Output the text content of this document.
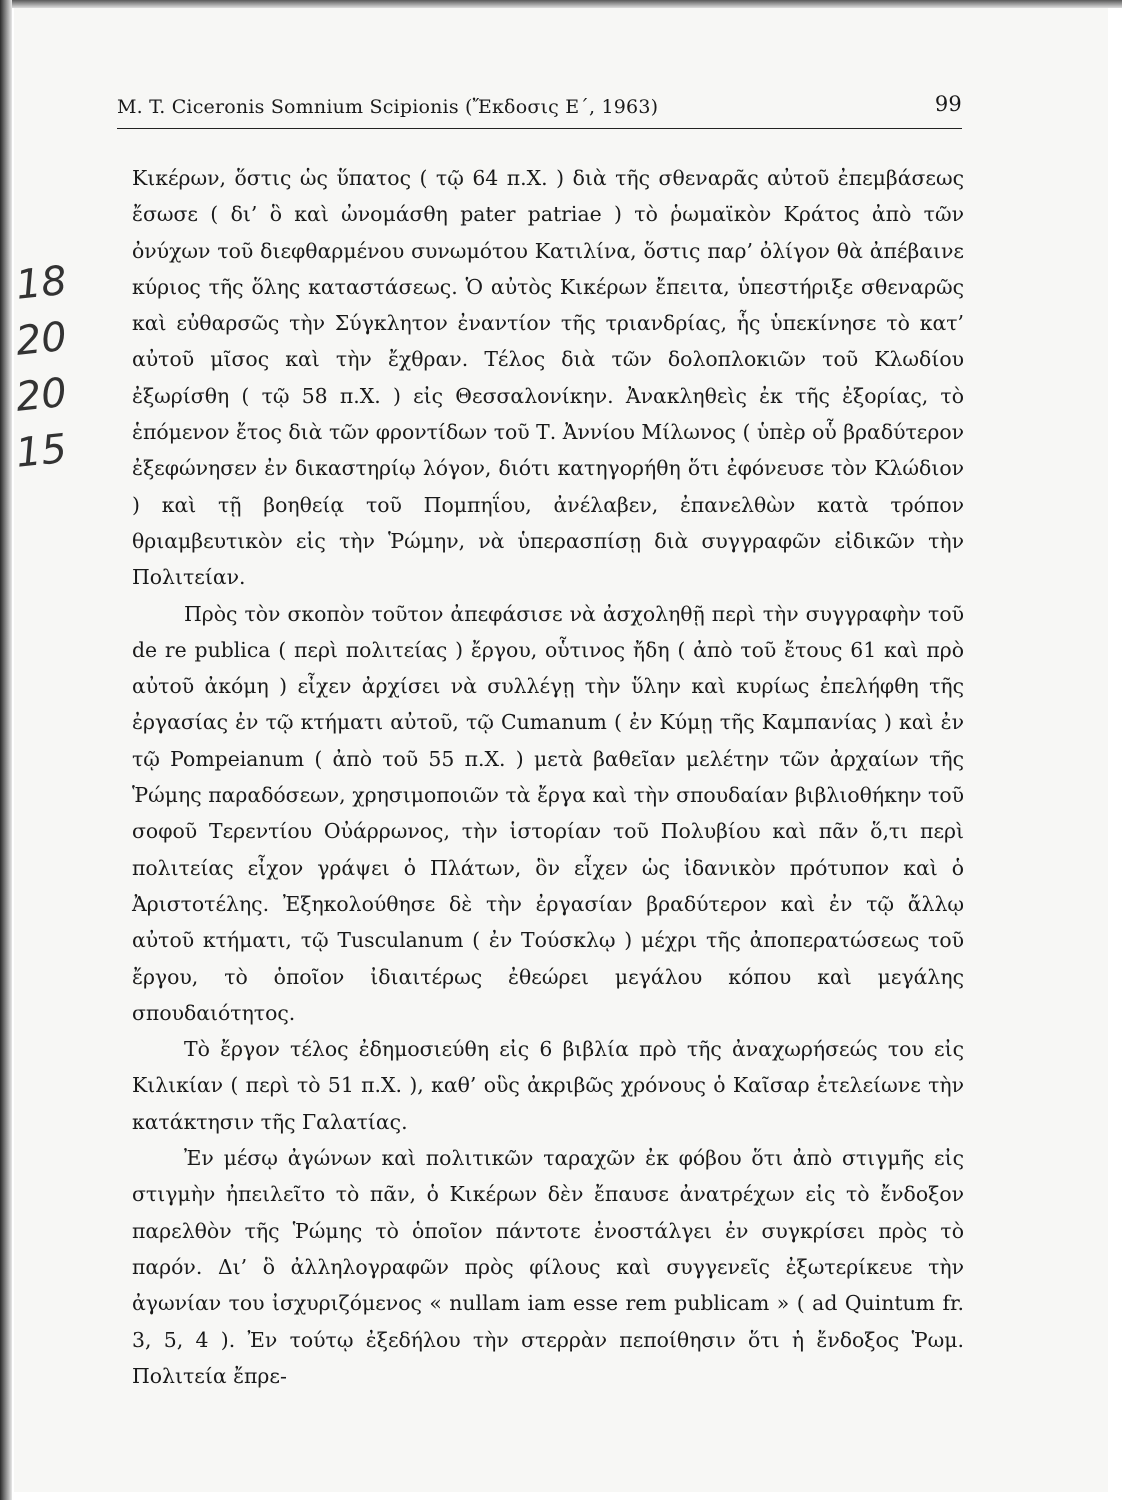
M. T. Ciceronis Somnium Scipionis (Ἔκδοσις Ε΄, 1963)	99
18
20
20
15

Κικέρων, ὅστις ὡς ὕπατος ( τῷ 64 π.Χ. ) διὰ τῆς σθεναρᾶς αὐτοῦ ἐπεμβάσεως ἔσωσε ( δι’ ὃ καὶ ὠνομάσθη pater patriae ) τὸ ῥωμαϊκὸν Κράτος ἀπὸ τῶν ὀνύχων τοῦ διεφθαρμένου συνωμότου Κατιλίνα, ὅστις παρ’ ὀλίγον θὰ ἀπέβαινε κύριος τῆς ὅλης καταστάσεως. Ὁ αὐτὸς Κικέρων ἔπειτα, ὑπεστήριξε σθεναρῶς καὶ εὐθαρσῶς τὴν Σύγκλητον ἐναντίον τῆς τριανδρίας, ἧς ὑπεκίνησε τὸ κατ’ αὐτοῦ μῖσος καὶ τὴν ἔχθραν. Τέλος διὰ τῶν δολοπλοκιῶν τοῦ Κλωδίου ἐξωρίσθη ( τῷ 58 π.Χ. ) εἰς Θεσσαλονίκην. Ἀνακληθεὶς ἐκ τῆς ἐξορίας, τὸ ἑπόμενον ἔτος διὰ τῶν φροντίδων τοῦ Τ. Ἀννίου Μίλωνος ( ὑπὲρ οὗ βραδύτερον ἐξεφώνησεν ἐν δικαστηρίῳ λόγον, διότι κατηγορήθη ὅτι ἐφόνευσε τὸν Κλώδιον ) καὶ τῇ βοηθείᾳ τοῦ Πομπηΐου, ἀνέλαβεν, ἐπανελθὼν κατὰ τρόπον θριαμβευτικὸν εἰς τὴν Ῥώμην, νὰ ὑπερασπίσῃ διὰ συγγραφῶν εἰδικῶν τὴν Πολιτείαν.

Πρὸς τὸν σκοπὸν τοῦτον ἀπεφάσισε νὰ ἀσχοληθῇ περὶ τὴν συγγραφὴν τοῦ de re publica ( περὶ πολιτείας ) ἔργου, οὗτινος ἤδη ( ἀπὸ τοῦ ἔτους 61 καὶ πρὸ αὐτοῦ ἀκόμη ) εἶχεν ἀρχίσει νὰ συλλέγῃ τὴν ὕλην καὶ κυρίως ἐπελήφθη τῆς ἐργασίας ἐν τῷ κτήματι αὐτοῦ, τῷ Cumanum ( ἐν Κύμῃ τῆς Καμπανίας ) καὶ ἐν τῷ Pompeianum ( ἀπὸ τοῦ 55 π.Χ. ) μετὰ βαθεῖαν μελέτην τῶν ἀρχαίων τῆς Ῥώμης παραδόσεων, χρησιμοποιῶν τὰ ἔργα καὶ τὴν σπουδαίαν βιβλιοθήκην τοῦ σοφοῦ Τερεντίου Οὐάρρωνος, τὴν ἱστορίαν τοῦ Πολυβίου καὶ πᾶν ὅ,τι περὶ πολιτείας εἶχον γράψει ὁ Πλάτων, ὃν εἶχεν ὡς ἰδανικὸν πρότυπον καὶ ὁ Ἀριστοτέλης. Ἐξηκολούθησε δὲ τὴν ἐργασίαν βραδύτερον καὶ ἐν τῷ ἄλλῳ αὐτοῦ κτήματι, τῷ Tusculanum ( ἐν Τούσκλῳ ) μέχρι τῆς ἀποπερατώσεως τοῦ ἔργου, τὸ ὁποῖον ἰδιαιτέρως ἐθεώρει μεγάλου κόπου καὶ μεγάλης σπουδαιότητος.

Τὸ ἔργον τέλος ἐδημοσιεύθη εἰς 6 βιβλία πρὸ τῆς ἀναχωρήσεώς του εἰς Κιλικίαν ( περὶ τὸ 51 π.Χ. ), καθ’ οὓς ἀκριβῶς χρόνους ὁ Καῖσαρ ἐτελείωνε τὴν κατάκτησιν τῆς Γαλατίας.

Ἐν μέσῳ ἀγώνων καὶ πολιτικῶν ταραχῶν ἐκ φόβου ὅτι ἀπὸ στιγμῆς εἰς στιγμὴν ἠπειλεῖτο τὸ πᾶν, ὁ Κικέρων δὲν ἔπαυσε ἀνατρέχων εἰς τὸ ἔνδοξον παρελθὸν τῆς Ῥώμης τὸ ὁποῖον πάντοτε ἐνοστάλγει ἐν συγκρίσει πρὸς τὸ παρόν. Δι’ ὃ ἀλληλογραφῶν πρὸς φίλους καὶ συγγενεῖς ἐξωτερίκευε τὴν ἀγωνίαν του ἰσχυριζόμενος « nullam iam esse rem publicam » ( ad Quintum fr. 3, 5, 4 ). Ἐν τούτῳ ἐξεδήλου τὴν στερρὰν πεποίθησιν ὅτι ἡ ἔνδοξος Ῥωμ. Πολιτεία ἔπρε-
